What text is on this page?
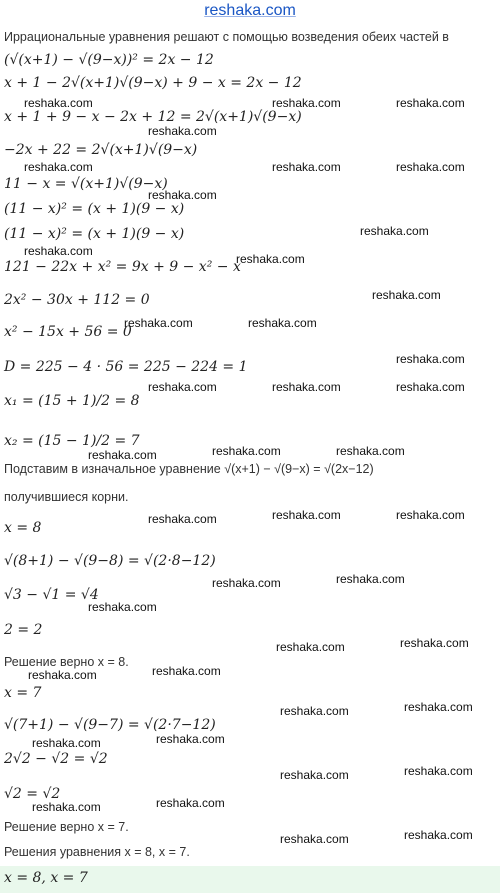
reshaka.com
Иррациональные уравнения решают с помощью возведения обеих частей в
(√(x+1) − √(9−x))² = 2x − 12
x + 1 − 2√(x+1)√(9−x) + 9 − x = 2x − 12
x + 1 + 9 − x − 2x + 12 = 2√(x+1)√(9−x)
−2x + 22 = 2√(x+1)√(9−x)
11 − x = √(x+1)√(9−x)
(11 − x)² = (x + 1)(9 − x)
(11 − x)² = (x + 1)(9 − x)
121 − 22x + x² = 9x + 9 − x² − x
2x² − 30x + 112 = 0
x² − 15x + 56 = 0
D = 225 − 4 · 56 = 225 − 224 = 1
x₁ = (15 + 1)/2 = 8
x₂ = (15 − 1)/2 = 7
Подставим в изначальное уравнение √(x+1) − √(9−x) = √(2x−12)
получившиеся корни.
x = 8
√(8+1) − √(9−8) = √(2·8−12)
√3 − √1 = √4
2 = 2
Решение верно x = 8.
x = 7
√(7+1) − √(9−7) = √(2·7−12)
2√2 − √2 = √2
√2 = √2
Решение верно x = 7.
Решения уравнения x = 8, x = 7.
x = 8, x = 7
reshaka.com	reshaka.com	reshaka.com
reshaka.com
reshaka.com	reshaka.com	reshaka.com
reshaka.com
reshaka.com
reshaka.com
reshaka.com
reshaka.com
reshaka.com	reshaka.com
reshaka.com
reshaka.com	reshaka.com	reshaka.com
reshaka.com	reshaka.com
reshaka.com
reshaka.com	reshaka.com	reshaka.com
reshaka.com
reshaka.com
reshaka.com
reshaka.com
reshaka.com
reshaka.com
reshaka.com
reshaka.com
reshaka.com
reshaka.com
reshaka.com
reshaka.com
reshaka.com
reshaka.com
reshaka.com
reshaka.com
reshaka.com
